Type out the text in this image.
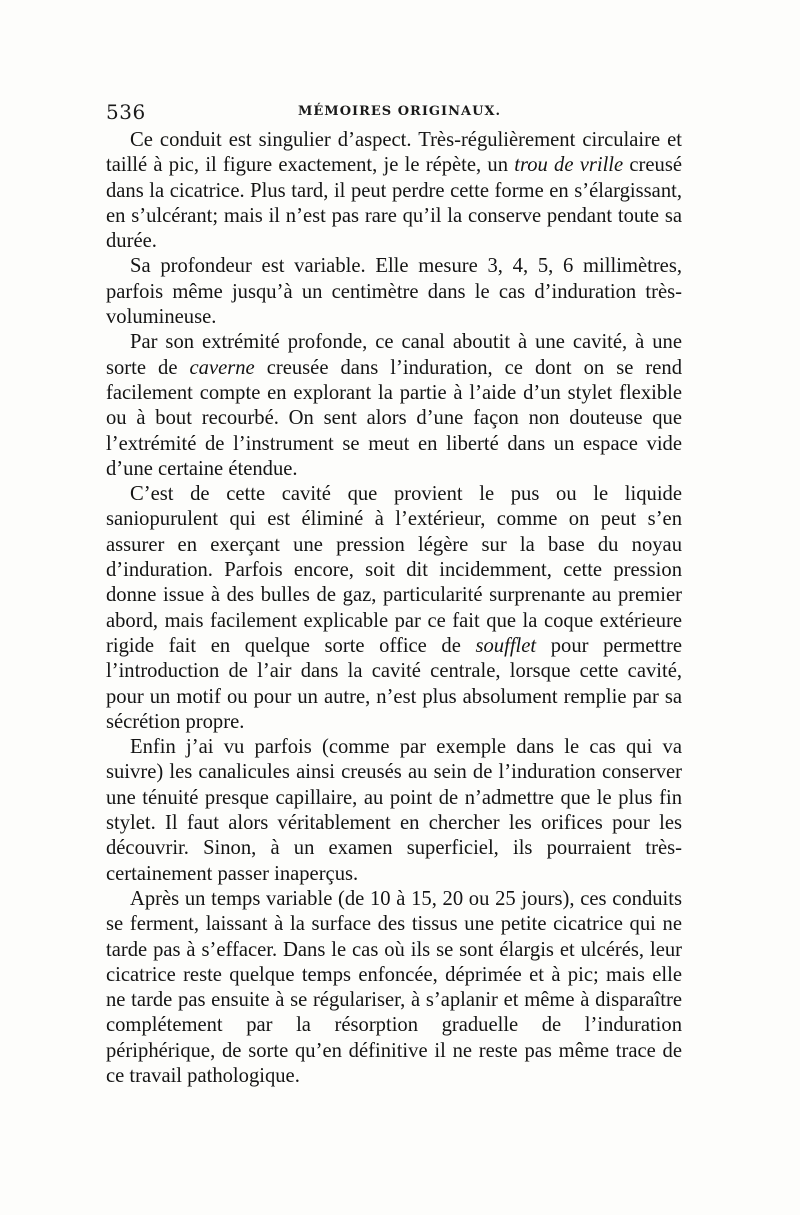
536	MÉMOIRES ORIGINAUX.

Ce conduit est singulier d’aspect. Très-régulièrement circulaire et taillé à pic, il figure exactement, je le répète, un trou de vrille creusé dans la cicatrice. Plus tard, il peut perdre cette forme en s’élargissant, en s’ulcérant; mais il n’est pas rare qu’il la conserve pendant toute sa durée.

Sa profondeur est variable. Elle mesure 3, 4, 5, 6 millimètres, parfois même jusqu’à un centimètre dans le cas d’induration très-volumineuse.

Par son extrémité profonde, ce canal aboutit à une cavité, à une sorte de caverne creusée dans l’induration, ce dont on se rend facilement compte en explorant la partie à l’aide d’un stylet flexible ou à bout recourbé. On sent alors d’une façon non douteuse que l’extrémité de l’instrument se meut en liberté dans un espace vide d’une certaine étendue.

C’est de cette cavité que provient le pus ou le liquide saniopurulent qui est éliminé à l’extérieur, comme on peut s’en assurer en exerçant une pression légère sur la base du noyau d’induration. Parfois encore, soit dit incidemment, cette pression donne issue à des bulles de gaz, particularité surprenante au premier abord, mais facilement explicable par ce fait que la coque extérieure rigide fait en quelque sorte office de soufflet pour permettre l’introduction de l’air dans la cavité centrale, lorsque cette cavité, pour un motif ou pour un autre, n’est plus absolument remplie par sa sécrétion propre.

Enfin j’ai vu parfois (comme par exemple dans le cas qui va suivre) les canalicules ainsi creusés au sein de l’induration conserver une ténuité presque capillaire, au point de n’admettre que le plus fin stylet. Il faut alors véritablement en chercher les orifices pour les découvrir. Sinon, à un examen superficiel, ils pourraient très-certainement passer inaperçus.

Après un temps variable (de 10 à 15, 20 ou 25 jours), ces conduits se ferment, laissant à la surface des tissus une petite cicatrice qui ne tarde pas à s’effacer. Dans le cas où ils se sont élargis et ulcérés, leur cicatrice reste quelque temps enfoncée, déprimée et à pic; mais elle ne tarde pas ensuite à se régulariser, à s’aplanir et même à disparaître complétement par la résorption graduelle de l’induration périphérique, de sorte qu’en définitive il ne reste pas même trace de ce travail pathologique.
